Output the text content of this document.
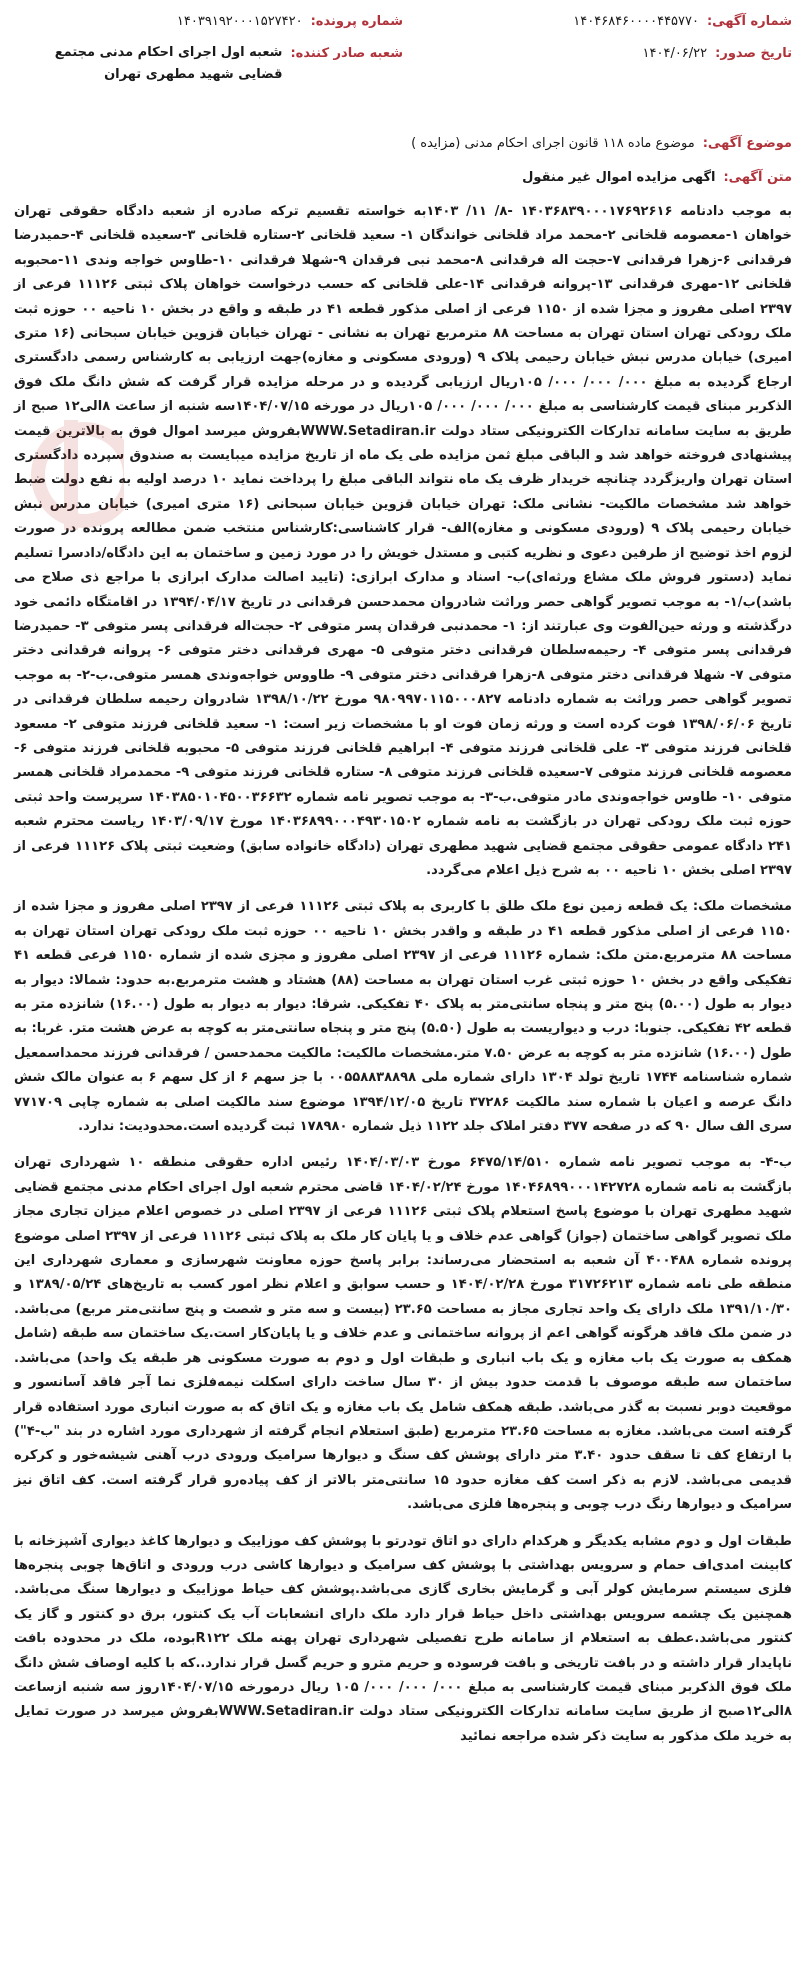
شماره آگهی:
۱۴۰۴۶۸۴۶۰۰۰۰۴۴۵۷۷۰
تاریخ صدور:
۱۴۰۴/۰۶/۲۲
شماره پرونده:
۱۴۰۳۹۱۹۲۰۰۰۱۵۲۷۴۲۰
شعبه صادر کننده:
شعبه اول اجرای احکام مدنی مجتمع قضایی شهید مطهری تهران
موضوع آگهی:
موضوع ماده ۱۱۸ قانون اجرای احکام مدنی (مزایده )
متن آگهی:
اگهی مزایده اموال غیر منقول

به موجب دادنامه ۱۴۰۳۶۸۳۹۰۰۰۱۷۶۹۲۶۱۶ -۸/ ۱۱/ ۱۴۰۳به خواسته تقسیم ترکه صادره از شعبه دادگاه حقوقی تهران خواهان ۱-معصومه قلخانی ۲-محمد مراد قلخانی خواندگان ۱- سعید قلخانی ۲-ستاره قلخانی ۳-سعیده قلخانی ۴-حمیدرضا فرقدانی ۶-زهرا فرقدانی ۷-حجت اله فرقدانی ۸-محمد نبی فرقدان ۹-شهلا فرقدانی ۱۰-طاوس خواجه وندی ۱۱-محبوبه قلخانی ۱۲-مهری فرقدانی ۱۳-پروانه فرقدانی ۱۴-علی قلخانی که حسب درخواست خواهان پلاک ثبتی ۱۱۱۲۶ فرعی از ۲۳۹۷ اصلی مفروز و مجزا شده از ۱۱۵۰ فرعی از اصلی مذکور قطعه ۴۱ در طبقه و واقع در بخش ۱۰ ناحیه ۰۰ حوزه ثبت ملک رودکی تهران استان تهران به مساحت ۸۸ مترمربع تهران به نشانی - تهران خیابان قزوین خیابان سبحانی (۱۶ متری امیری) خیابان مدرس نبش خیابان رحیمی پلاک ۹ (ورودی مسکونی و مغازه)جهت ارزیابی به کارشناس رسمی دادگستری ارجاع گردیده به مبلغ ۰۰۰/ ۰۰۰/ ۰۰۰/ ۱۰۵ریال ارزیابی گردیده و در مرحله مزایده قرار گرفت که شش دانگ ملک فوق الذکربر مبنای قیمت کارشناسی به مبلغ ۰۰۰/ ۰۰۰/ ۰۰۰/ ۱۰۵ریال در مورخه ۱۴۰۴/۰۷/۱۵سه شنبه از ساعت ۸الی۱۲ صبح از طریق به سایت سامانه تدارکات الکترونیکی ستاد دولت WWW.Setadiran.irبفروش میرسد اموال فوق به بالاترین قیمت پیشنهادی فروخته خواهد شد و الباقی مبلغ ثمن مزایده طی یک ماه از تاریخ مزایده میبایست به صندوق سپرده دادگستری استان تهران واریزگردد چنانچه خریدار ظرف یک ماه نتواند الباقی مبلغ را پرداخت نماید ۱۰ درصد اولیه به نفع دولت ضبط خواهد شد مشخصات مالکیت- نشانی ملک: تهران خیابان قزوین خیابان سبحانی (۱۶ متری امیری) خیابان مدرس نبش خیابان رحیمی پلاک ۹ (ورودی مسکونی و مغازه)الف- قرار کاشناسی:کارشناس منتخب ضمن مطالعه پرونده در صورت لزوم اخذ توضیح از طرفین دعوی و نظریه کتبی و مستدل خویش را در مورد زمین و ساختمان به این دادگاه/دادسرا تسلیم نماید (دستور فروش ملک مشاع ورثه‌ای)ب- اسناد و مدارک ابرازی: (تایید اصالت مدارک ابرازی با مراجع ذی صلاح می باشد)ب/۱- به موجب تصویر گواهی حصر وراثت شادروان محمدحسن فرقدانی در تاریخ ۱۳۹۴/۰۴/۱۷ در اقامتگاه دائمی خود درگذشته و ورثه حین‌الفوت وی عبارتند از: ۱- محمدنبی فرقدان پسر متوفی ۲- حجت‌اله فرقدانی پسر متوفی ۳- حمیدرضا فرقدانی پسر متوفی ۴- رحیمه‌سلطان فرقدانی دختر متوفی ۵- مهری فرقدانی دختر متوفی ۶- پروانه فرقدانی دختر متوفی ۷- شهلا فرقدانی دختر متوفی ۸-زهرا فرقدانی دختر متوفی ۹- طاووس خواجه‌وندی همسر متوفی.ب-۲- به موجب تصویر گواهی حصر وراثت به شماره دادنامه ۹۸۰۹۹۷۰۱۱۵۰۰۰۸۲۷ مورخ ۱۳۹۸/۱۰/۲۲ شادروان رحیمه سلطان فرقدانی در تاریخ ۱۳۹۸/۰۶/۰۶ فوت کرده است و ورثه زمان فوت او با مشخصات زیر است: ۱- سعید قلخانی فرزند متوفی ۲- مسعود قلخانی فرزند متوفی ۳- علی قلخانی فرزند متوفی ۴- ابراهیم قلخانی فرزند متوفی ۵- محبوبه قلخانی فرزند متوفی ۶- معصومه قلخانی فرزند متوفی ۷-سعیده قلخانی فرزند متوفی ۸- ستاره قلخانی فرزند متوفی ۹- محمدمراد قلخانی همسر متوفی ۱۰- طاوس خواجه‌وندی مادر متوفی.ب-۳- به موجب تصویر نامه شماره ۱۴۰۳۸۵۰۱۰۴۵۰۰۳۶۶۳۲ سرپرست واحد ثبتی حوزه ثبت ملک رودکی تهران در بازگشت به نامه شماره ۱۴۰۳۶۸۹۹۰۰۰۴۹۳۰۱۵۰۲ مورخ ۱۴۰۳/۰۹/۱۷ ریاست محترم شعبه ۲۴۱ دادگاه عمومی حقوقی مجتمع قضایی شهید مطهری تهران (دادگاه خانواده سابق) وضعیت ثبتی پلاک ۱۱۱۲۶ فرعی از ۲۳۹۷ اصلی بخش ۱۰ ناحیه ۰۰ به شرح ذیل اعلام می‌گردد.

مشخصات ملک: یک قطعه زمین نوع ملک طلق با کاربری به پلاک ثبتی ۱۱۱۲۶ فرعی از ۲۳۹۷ اصلی مفروز و مجزا شده از ۱۱۵۰ فرعی از اصلی مذکور قطعه ۴۱ در طبقه و واقدر بخش ۱۰ ناحیه ۰۰ حوزه ثبت ملک رودکی تهران استان تهران به مساحت ۸۸ مترمربع.متن ملک: شماره ۱۱۱۲۶ فرعی از ۲۳۹۷ اصلی مفروز و مجزی شده از شماره ۱۱۵۰ فرعی قطعه ۴۱ تفکیکی واقع در بخش ۱۰ حوزه ثبتی غرب استان تهران به مساحت (۸۸) هشتاد و هشت مترمربع.به حدود: شمالا: دیوار به دیوار به طول (۵.۰۰) پنج متر و پنجاه سانتی‌متر به پلاک ۴۰ تفکیکی. شرقا: دیوار به دیوار به طول (۱۶.۰۰) شانزده متر به قطعه ۴۲ تفکیکی. جنوبا: درب و دیواریست به طول (۵.۵۰) پنج متر و پنجاه سانتی‌متر به کوچه به عرض هشت متر. غربا: به طول (۱۶.۰۰) شانزده متر به کوچه به عرض ۷.۵۰ متر.مشخصات مالکیت: مالکیت محمدحسن / فرقدانی فرزند محمداسمعیل شماره شناسنامه ۱۷۴۴ تاریخ تولد ۱۳۰۴ دارای شماره ملی ۰۰۵۵۸۸۳۸۸۹۸ با جز سهم ۶ از کل سهم ۶ به عنوان مالک شش دانگ عرصه و اعیان با شماره سند مالکیت ۳۷۲۸۶ تاریخ ۱۳۹۴/۱۲/۰۵ موضوع سند مالکیت اصلی به شماره چاپی ۷۷۱۷۰۹ سری الف سال ۹۰ که در صفحه ۳۷۷ دفتر املاک جلد ۱۱۲۲ ذیل شماره ۱۷۸۹۸۰ ثبت گردیده است.محدودیت: ندارد.

ب-۴- به موجب تصویر نامه شماره ۶۴۷۵/۱۴/۵۱۰ مورخ ۱۴۰۴/۰۳/۰۳ رئیس اداره حقوقی منطقه ۱۰ شهرداری تهران بازگشت به نامه شماره ۱۴۰۴۶۸۹۹۰۰۰۱۴۲۷۲۸ مورخ ۱۴۰۴/۰۲/۲۴ قاضی محترم شعبه اول اجرای احکام مدنی مجتمع قضایی شهید مطهری تهران با موضوع پاسخ استعلام پلاک ثبتی ۱۱۱۲۶ فرعی از ۲۳۹۷ اصلی در خصوص اعلام میزان تجاری مجاز ملک تصویر گواهی ساختمان (جواز) گواهی عدم خلاف و یا پایان کار ملک به پلاک ثبتی ۱۱۱۲۶ فرعی از ۲۳۹۷ اصلی موضوع پرونده شماره ۴۰۰۴۸۸ آن شعبه به استحضار می‌رساند: برابر پاسخ حوزه معاونت شهرسازی و معماری شهرداری این منطقه طی نامه شماره ۳۱۷۲۶۲۱۳ مورخ ۱۴۰۴/۰۲/۲۸ و حسب سوابق و اعلام نظر امور کسب به تاریخ‌های ۱۳۸۹/۰۵/۲۴ و ۱۳۹۱/۱۰/۳۰ ملک دارای یک واحد تجاری مجاز به مساحت ۲۳.۶۵ (بیست و سه متر و شصت و پنج سانتی‌متر مربع) می‌باشد. در ضمن ملک فاقد هرگونه گواهی اعم از پروانه ساختمانی و عدم خلاف و یا پایان‌کار است.یک ساختمان سه طبقه (شامل همکف به صورت یک باب مغازه و یک باب انباری و طبقات اول و دوم به صورت مسکونی هر طبقه یک واحد) می‌باشد. ساختمان سه طبقه موصوف با قدمت حدود بیش از ۳۰ سال ساخت دارای اسکلت نیمه‌فلزی نما آجر فاقد آسانسور و موقعیت دوبر نسبت به گذر می‌باشد. طبقه همکف شامل یک باب مغازه و یک اتاق که به صورت انباری مورد استفاده قرار گرفته است می‌باشد. مغازه به مساحت ۲۳.۶۵ مترمربع (طبق استعلام انجام گرفته از شهرداری مورد اشاره در بند "ب-۴") با ارتفاع کف تا سقف حدود ۳.۴۰ متر دارای پوشش کف سنگ و دیوارها سرامیک ورودی درب آهنی شیشه‌خور و کرکره قدیمی می‌باشد. لازم به ذکر است کف مغازه حدود ۱۵ سانتی‌متر بالاتر از کف پیاده‌رو قرار گرفته است. کف اتاق نیز سرامیک و دیوارها رنگ درب چوبی و پنجره‌ها فلزی می‌باشد.

طبقات اول و دوم مشابه یکدیگر و هرکدام دارای دو اتاق تودرتو با پوشش کف موزاییک و دیوارها کاغذ دیواری آشپزخانه با کابینت امدی‌اف حمام و سرویس بهداشتی با پوشش کف سرامیک و دیوارها کاشی درب ورودی و اتاق‌ها چوبی پنجره‌ها فلزی سیستم سرمایش کولر آبی و گرمایش بخاری گازی می‌باشد.پوشش کف حیاط موزاییک و دیوارها سنگ می‌باشد. همچنین یک چشمه سرویس بهداشتی داخل حیاط قرار دارد ملک دارای انشعابات آب یک کنتور، برق دو کنتور و گاز یک کنتور می‌باشد.عطف به استعلام از سامانه طرح تفصیلی شهرداری تهران پهنه ملک R۱۲۲بوده، ملک در محدوده بافت ناپایدار قرار داشته و در بافت تاریخی و بافت فرسوده و حریم مترو و حریم گسل قرار ندارد..که با کلیه اوصاف شش دانگ ملک فوق الذکربر مبنای قیمت کارشناسی به مبلغ ۰۰۰/ ۰۰۰/ ۰۰۰/ ۱۰۵ ریال درمورخه ۱۴۰۴/۰۷/۱۵روز سه شنبه ازساعت ۸الی۱۲صبح از طریق سایت سامانه تدارکات الکترونیکی ستاد دولت WWW.Setadiran.irبفروش میرسد در صورت تمایل به خرید ملک مذکور به سایت ذکر شده مراجعه نمائید
